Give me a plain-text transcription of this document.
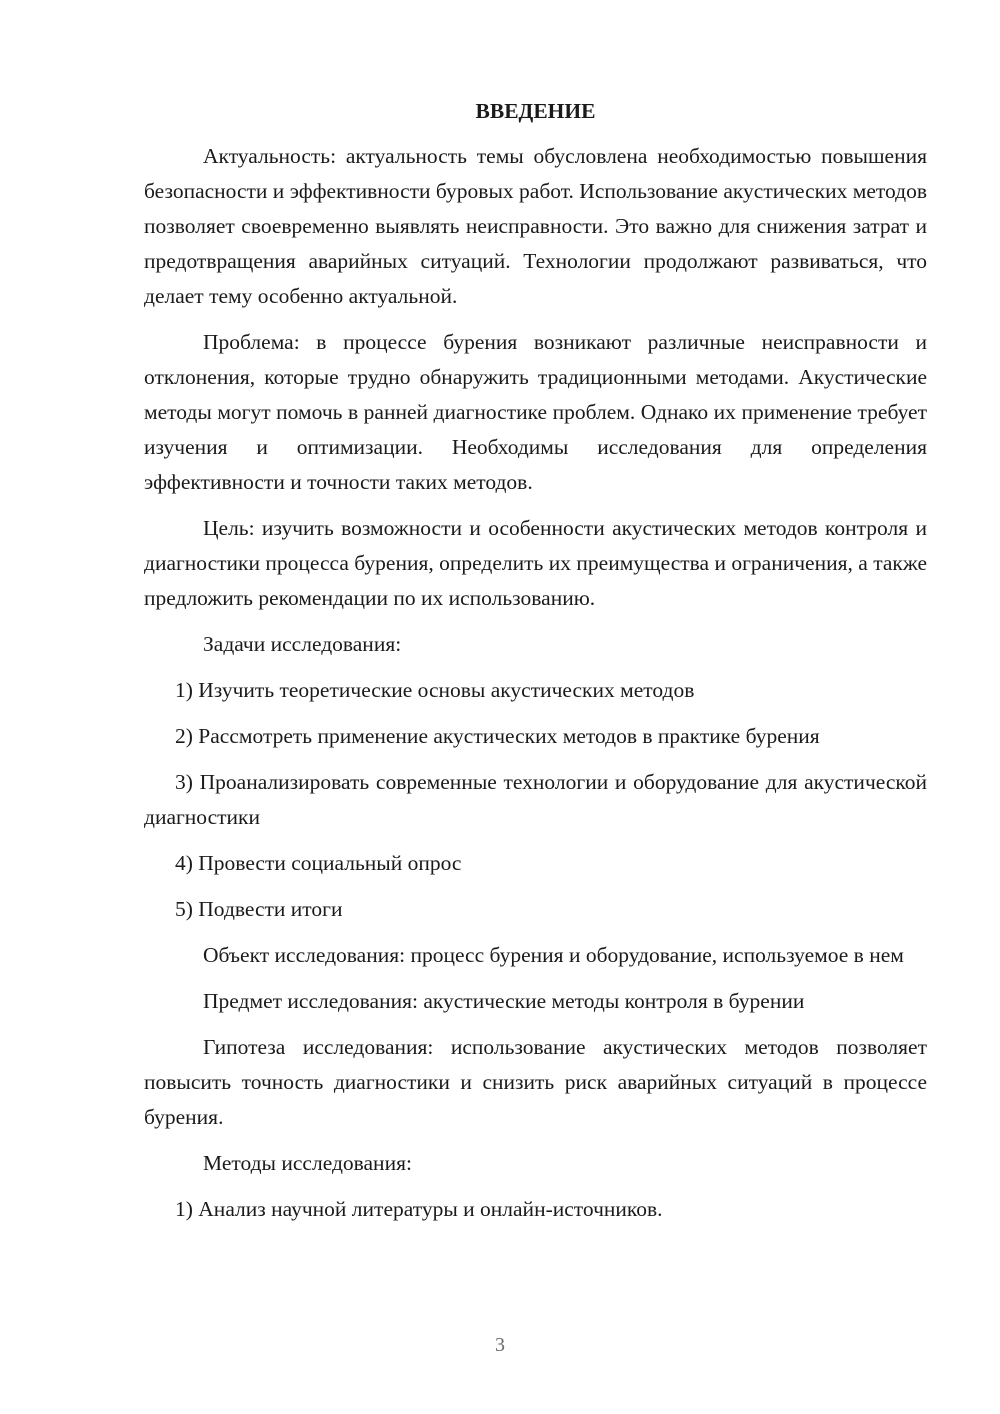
ВВЕДЕНИЕ

Актуальность: актуальность темы обусловлена необходимостью повышения безопасности и эффективности буровых работ. Использование акустических методов позволяет своевременно выявлять неисправности. Это важно для снижения затрат и предотвращения аварийных ситуаций. Технологии продолжают развиваться, что делает тему особенно актуальной.

Проблема: в процессе бурения возникают различные неисправности и отклонения, которые трудно обнаружить традиционными методами. Акустические методы могут помочь в ранней диагностике проблем. Однако их применение требует изучения и оптимизации. Необходимы исследования для определения эффективности и точности таких методов.

Цель: изучить возможности и особенности акустических методов контроля и диагностики процесса бурения, определить их преимущества и ограничения, а также предложить рекомендации по их использованию.

Задачи исследования:

1) Изучить теоретические основы акустических методов

2) Рассмотреть применение акустических методов в практике бурения

3) Проанализировать современные технологии и оборудование для акустической диагностики

4) Провести социальный опрос

5) Подвести итоги

Объект исследования: процесс бурения и оборудование, используемое в нем

Предмет исследования: акустические методы контроля в бурении

Гипотеза исследования: использование акустических методов позволяет повысить точность диагностики и снизить риск аварийных ситуаций в процессе бурения.

Методы исследования:

1) Анализ научной литературы и онлайн-источников.

3
